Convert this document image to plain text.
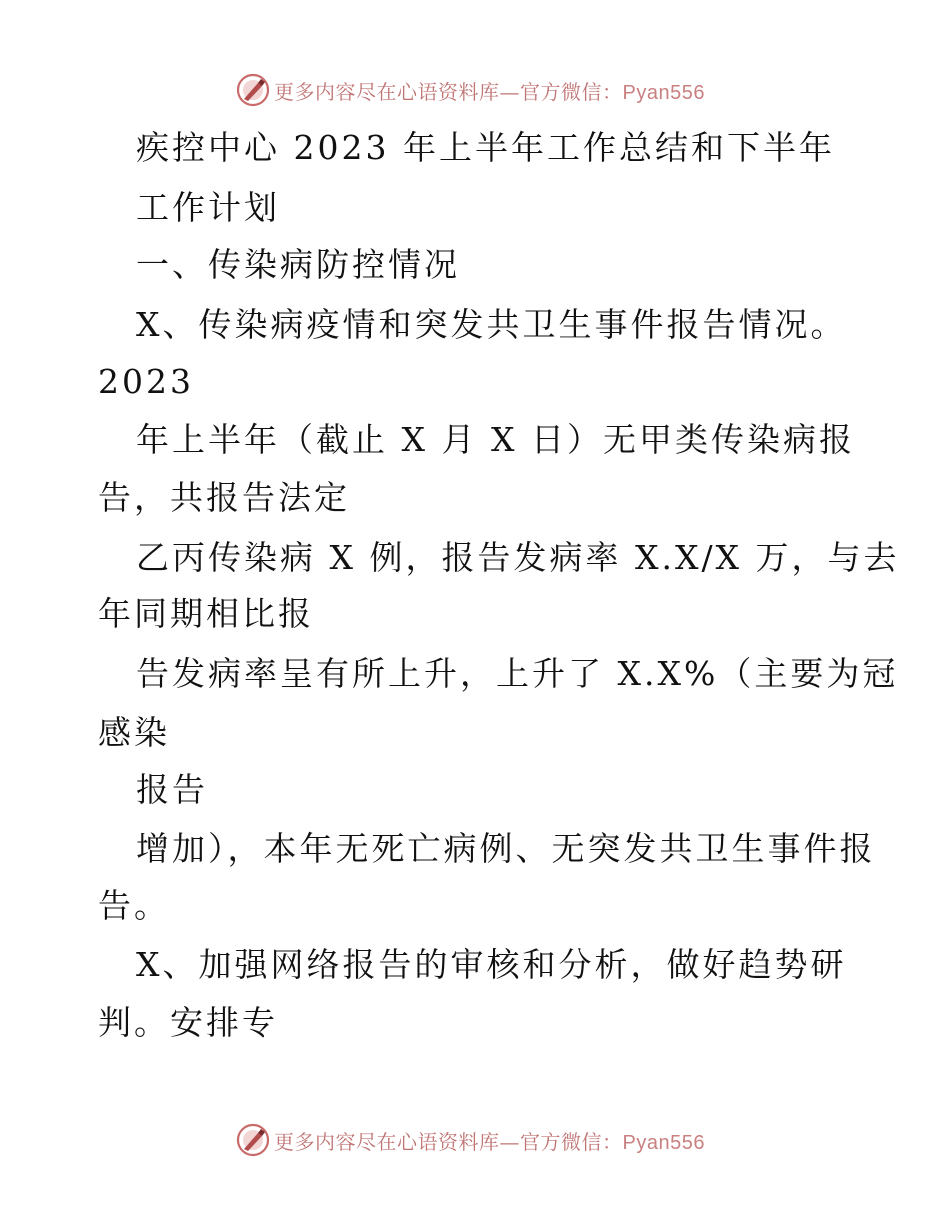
更多内容尽在心语资料库—官方微信：Pyan556
疾控中心 2023 年上半年工作总结和下半年
工作计划
一、传染病防控情况
X、传染病疫情和突发共卫生事件报告情况。
2023
年上半年（截止 X 月 X 日）无甲类传染病报
告，共报告法定
乙丙传染病 X 例，报告发病率 X.X/X 万，与去
年同期相比报
告发病率呈有所上升，上升了 X.X%（主要为冠
感染
报告
增加），本年无死亡病例、无突发共卫生事件报
告。
X、加强网络报告的审核和分析，做好趋势研
判。安排专
更多内容尽在心语资料库—官方微信：Pyan556
